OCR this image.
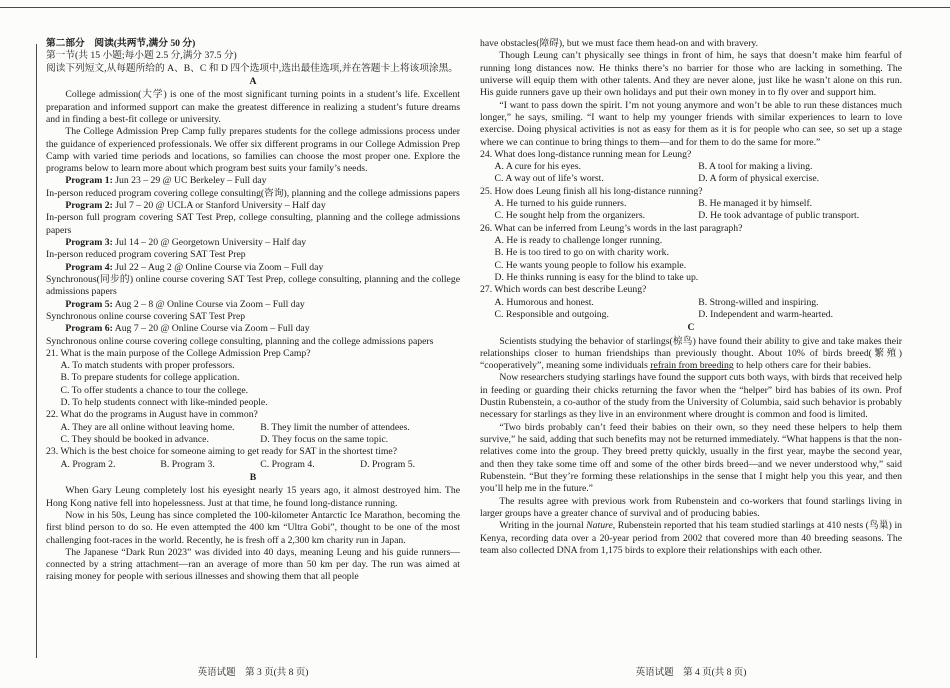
第二部分　阅读(共两节,满分 50 分)
第一节(共 15 小题;每小题 2.5 分,满分 37.5 分)
阅读下列短文,从每题所给的 A、B、C 和 D 四个选项中,选出最佳选项,并在答题卡上将该项涂黑。
A

College admission(大学) is one of the most significant turning points in a student’s life. Excellent preparation and informed support can make the greatest difference in realizing a student’s future dreams and in finding a best-fit college or university.

The College Admission Prep Camp fully prepares students for the college admissions process under the guidance of experienced professionals. We offer six different programs in our College Admission Prep Camp with varied time periods and locations, so families can choose the most proper one. Explore the programs below to learn more about which program best suits your family’s needs.

Program 1: Jun 23 – 29 @ UC Berkeley – Full day

In-person reduced program covering college consulting(咨询), planning and the college admissions papers

Program 2: Jul 7 – 20 @ UCLA or Stanford University – Half day

In-person full program covering SAT Test Prep, college consulting, planning and the college admissions papers

Program 3: Jul 14 – 20 @ Georgetown University – Half day

In-person reduced program covering SAT Test Prep

Program 4: Jul 22 – Aug 2 @ Online Course via Zoom – Full day

Synchronous(同步的) online course covering SAT Test Prep, college consulting, planning and the college admissions papers

Program 5: Aug 2 – 8 @ Online Course via Zoom – Full day

Synchronous online course covering SAT Test Prep

Program 6: Aug 7 – 20 @ Online Course via Zoom – Full day

Synchronous online course covering college consulting, planning and the college admissions papers
21. What is the main purpose of the College Admission Prep Camp?
A. To match students with proper professors.
B. To prepare students for college application.
C. To offer students a chance to tour the college.
D. To help students connect with like-minded people.
22. What do the programs in August have in common?
A. They are all online without leaving home.	B. They limit the number of attendees.
C. They should be booked in advance.	D. They focus on the same topic.
23. Which is the best choice for someone aiming to get ready for SAT in the shortest time?
A. Program 2.	B. Program 3.	C. Program 4.	D. Program 5.
B

When Gary Leung completely lost his eyesight nearly 15 years ago, it almost destroyed him. The Hong Kong native fell into hopelessness. Just at that time, he found long-distance running.

Now in his 50s, Leung has since completed the 100-kilometer Antarctic Ice Marathon, becoming the first blind person to do so. He even attempted the 400 km “Ultra Gobi”, thought to be one of the most challenging foot-races in the world. Recently, he is fresh off a 2,300 km charity run in Japan.

The Japanese “Dark Run 2023” was divided into 40 days, meaning Leung and his guide runners—connected by a string attachment—ran an average of more than 50 km per day. The run was aimed at raising money for people with serious illnesses and showing them that all people

have obstacles(障碍), but we must face them head-on and with bravery.

Though Leung can’t physically see things in front of him, he says that doesn’t make him fearful of running long distances now. He thinks there’s no barrier for those who are lacking in something. The universe will equip them with other talents. And they are never alone, just like he wasn’t alone on this run. His guide runners gave up their own holidays and put their own money in to fly over and support him.

“I want to pass down the spirit. I’m not young anymore and won’t be able to run these distances much longer,” he says, smiling. “I want to help my younger friends with similar experiences to learn to love exercise. Doing physical activities is not as easy for them as it is for people who can see, so set up a stage where we can continue to bring things to them—and for them to do the same for more.”

24. What does long-distance running mean for Leung?
A. A cure for his eyes.	B. A tool for making a living.
C. A way out of life’s worst.	D. A form of physical exercise.
25. How does Leung finish all his long-distance running?
A. He turned to his guide runners.	B. He managed it by himself.
C. He sought help from the organizers.	D. He took advantage of public transport.
26. What can be inferred from Leung’s words in the last paragraph?
A. He is ready to challenge longer running.
B. He is too tired to go on with charity work.
C. He wants young people to follow his example.
D. He thinks running is easy for the blind to take up.
27. Which words can best describe Leung?
A. Humorous and honest.	B. Strong-willed and inspiring.
C. Responsible and outgoing.	D. Independent and warm-hearted.
C

Scientists studying the behavior of starlings(椋鸟) have found their ability to give and take makes their relationships closer to human friendships than previously thought. About 10% of birds breed(繁殖) “cooperatively”, meaning some individuals refrain from breeding to help others care for their babies.

Now researchers studying starlings have found the support cuts both ways, with birds that received help in feeding or guarding their chicks returning the favor when the “helper” bird has babies of its own. Prof Dustin Rubenstein, a co-author of the study from the University of Columbia, said such behavior is probably necessary for starlings as they live in an environment where drought is common and food is limited.

“Two birds probably can’t feed their babies on their own, so they need these helpers to help them survive,” he said, adding that such benefits may not be returned immediately. “What happens is that the non-relatives come into the group. They breed pretty quickly, usually in the first year, maybe the second year, and then they take some time off and some of the other birds breed—and we never understood why,” said Rubenstein. “But they’re forming these relationships in the sense that I might help you this year, and then you’ll help me in the future.”

The results agree with previous work from Rubenstein and co-workers that found starlings living in larger groups have a greater chance of survival and of producing babies.

Writing in the journal Nature, Rubenstein reported that his team studied starlings at 410 nests (鸟巢) in Kenya, recording data over a 20-year period from 2002 that covered more than 40 breeding seasons. The team also collected DNA from 1,175 birds to explore their relationships with each other.

英语试题　第 3 页(共 8 页)	英语试题　第 4 页(共 8 页)
